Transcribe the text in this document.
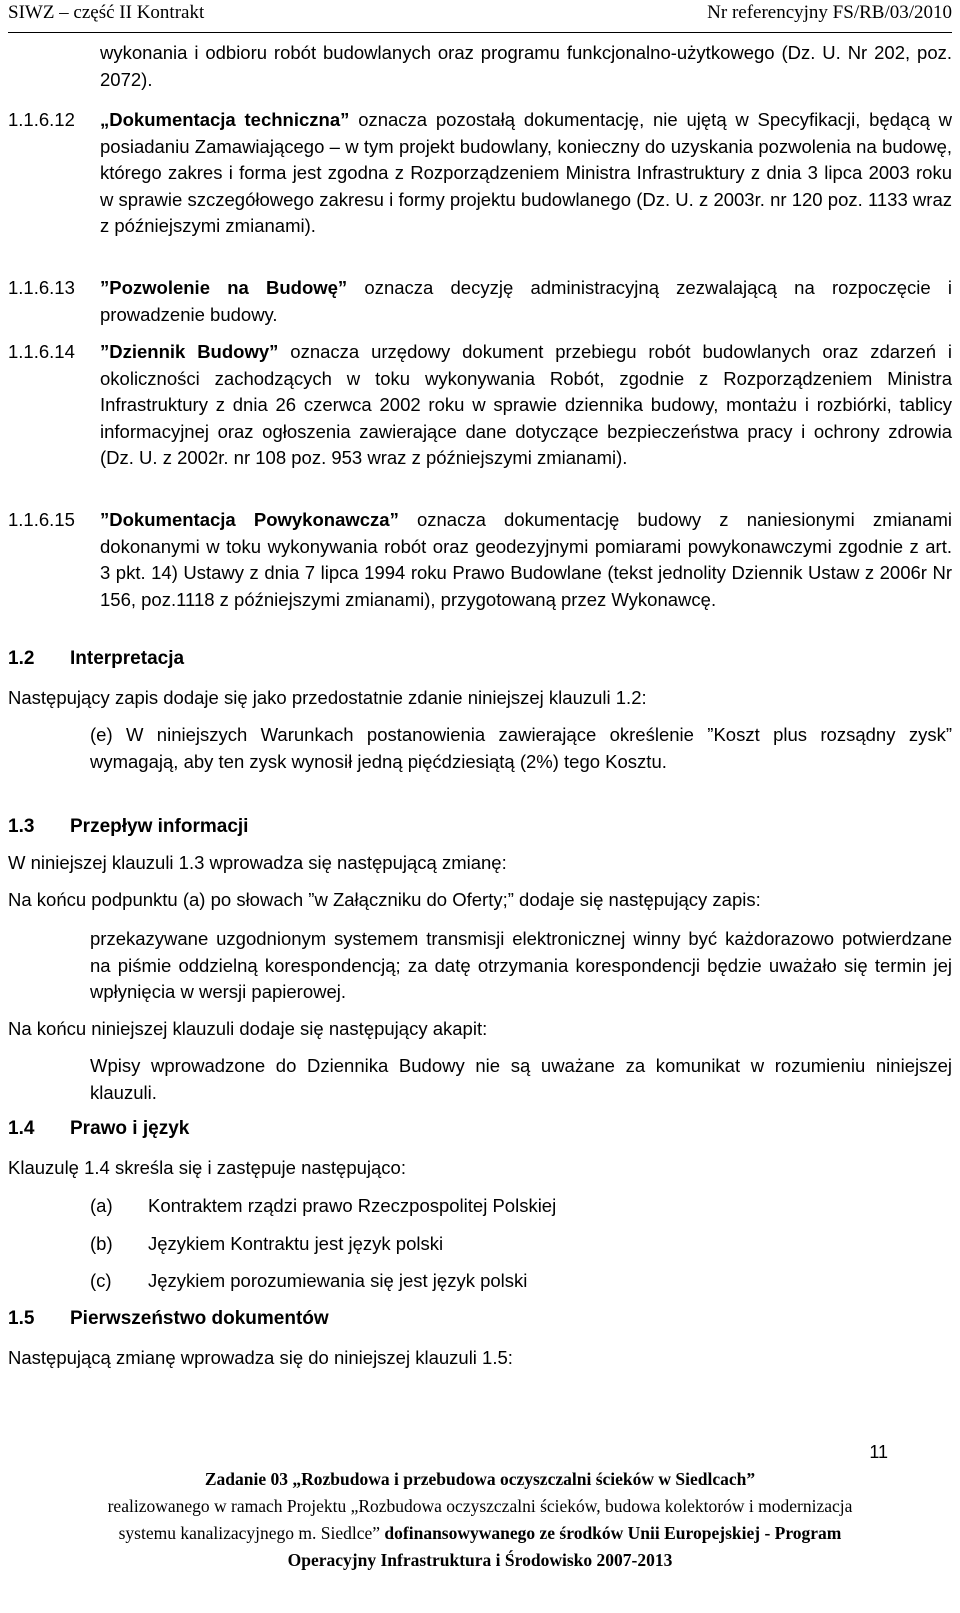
SIWZ – część II Kontrakt	Nr referencyjny FS/RB/03/2010
wykonania i odbioru robót budowlanych oraz programu funkcjonalno-użytkowego (Dz. U. Nr 202, poz. 2072).
1.1.6.12 „Dokumentacja techniczna” oznacza pozostałą dokumentację, nie ujętą w Specyfikacji, będącą w posiadaniu Zamawiającego – w tym projekt budowlany, konieczny do uzyskania pozwolenia na budowę, którego zakres i forma jest zgodna z Rozporządzeniem Ministra Infrastruktury z dnia 3 lipca 2003 roku w sprawie szczegółowego zakresu i formy projektu budowlanego (Dz. U. z 2003r. nr 120 poz. 1133 wraz z późniejszymi zmianami).
1.1.6.13 ”Pozwolenie na Budowę” oznacza decyzję administracyjną zezwalającą na rozpoczęcie i prowadzenie budowy.
1.1.6.14 ”Dziennik Budowy” oznacza urzędowy dokument przebiegu robót budowlanych oraz zdarzeń i okoliczności zachodzących w toku wykonywania Robót, zgodnie z Rozporządzeniem Ministra Infrastruktury z dnia 26 czerwca 2002 roku w sprawie dziennika budowy, montażu i rozbiórki, tablicy informacyjnej oraz ogłoszenia zawierające dane dotyczące bezpieczeństwa pracy i ochrony zdrowia (Dz. U. z 2002r. nr 108 poz. 953 wraz z późniejszymi zmianami).
1.1.6.15 ”Dokumentacja Powykonawcza” oznacza dokumentację budowy z naniesionymi zmianami dokonanymi w toku wykonywania robót oraz geodezyjnymi pomiarami powykonawczymi zgodnie z art. 3 pkt. 14) Ustawy z dnia 7 lipca 1994 roku Prawo Budowlane (tekst jednolity Dziennik Ustaw z 2006r Nr 156, poz.1118 z późniejszymi zmianami), przygotowaną przez Wykonawcę.
1.2 Interpretacja
Następujący zapis dodaje się jako przedostatnie zdanie niniejszej klauzuli 1.2:
(e) W niniejszych Warunkach postanowienia zawierające określenie ”Koszt plus rozsądny zysk” wymagają, aby ten zysk wynosił jedną pięćdziesiątą (2%) tego Kosztu.
1.3 Przepływ informacji
W niniejszej klauzuli 1.3 wprowadza się następującą zmianę:
Na końcu podpunktu (a) po słowach ”w Załączniku do Oferty;” dodaje się następujący zapis:
przekazywane uzgodnionym systemem transmisji elektronicznej winny być każdorazowo potwierdzane na piśmie oddzielną korespondencją; za datę otrzymania korespondencji będzie uważało się termin jej wpłynięcia w wersji papierowej.
Na końcu niniejszej klauzuli dodaje się następujący akapit:
Wpisy wprowadzone do Dziennika Budowy nie są uważane za komunikat w rozumieniu niniejszej klauzuli.
1.4 Prawo i język
Klauzulę 1.4 skreśla się i zastępuje następująco:
(a) Kontraktem rządzi prawo Rzeczpospolitej Polskiej
(b) Językiem Kontraktu jest język polski
(c) Językiem porozumiewania się jest język polski
1.5 Pierwszeństwo dokumentów
Następującą zmianę wprowadza się do niniejszej klauzuli 1.5:
11
Zadanie 03 „Rozbudowa i przebudowa oczyszczalni ścieków w Siedlcach”
realizowanego w ramach Projektu „Rozbudowa oczyszczalni ścieków, budowa kolektorów i modernizacja
systemu kanalizacyjnego m. Siedlce” dofinansowywanego ze środków Unii Europejskiej - Program
Operacyjny Infrastruktura i Środowisko 2007-2013
